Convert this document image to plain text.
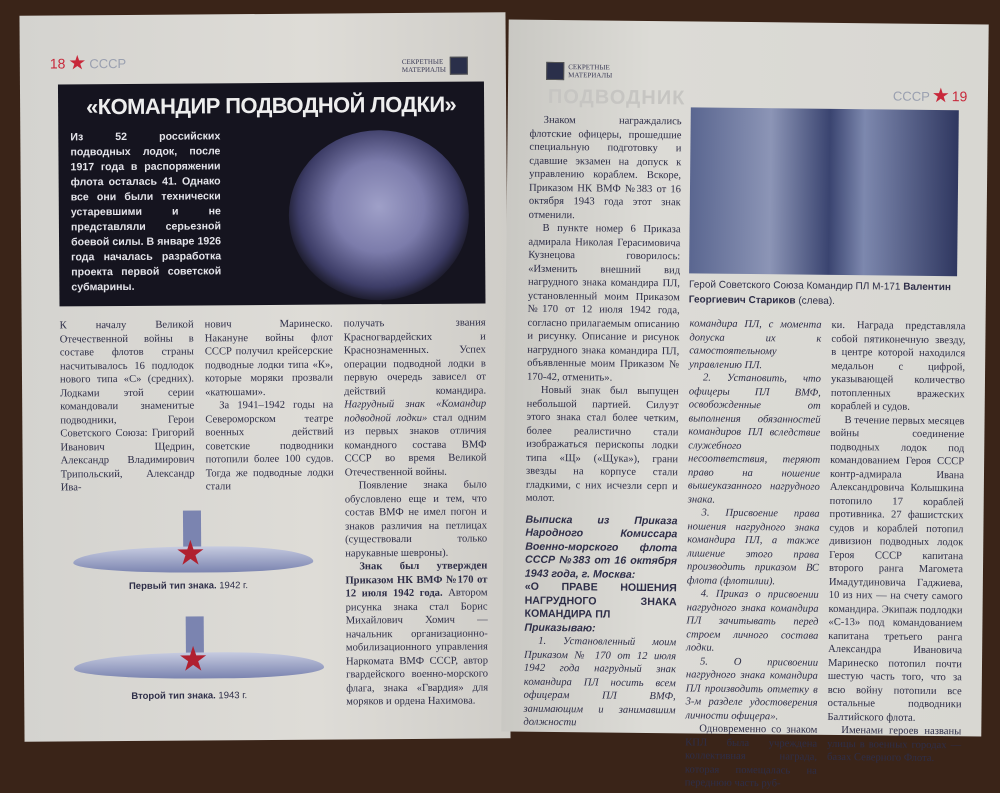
18 ★ СССР	СЕКРЕТНЫЕ
МАТЕРИАЛЫ
«КОМАНДИР ПОДВОДНОЙ ЛОДКИ»
Из 52 российских подводных лодок, после 1917 года в распоряжении флота осталась 41. Однако все они были технически устаревшими и не представляли серьезной боевой силы. В январе 1926 года началась разработка проекта первой советской субмарины.

К началу Великой Отечественной войны в составе флотов страны насчитывалось 16 подлодок нового типа «С» (средних). Лодками этой серии командовали знаменитые подводники, Герои Советского Союза: Григорий Иванович Щедрин, Александр Владимирович Трипольский, Александр Ива-

нович Маринеско. Накануне войны флот СССР получил крейсерские подводные лодки типа «К», которые моряки прозвали «катюшами».

За 1941–1942 годы на Североморском театре военных действий советские подводники потопили более 100 судов. Тогда же подводные лодки стали

получать звания Красногвардейских и Краснознаменных. Успех операции подводной лодки в первую очередь зависел от действий командира. Нагрудный знак «Командир подводной лодки» стал одним из первых знаков отличия командного состава ВМФ СССР во время Великой Отечественной войны.

Появление знака было обусловлено еще и тем, что состав ВМФ не имел погон и знаков различия на петлицах (существовали только нарукавные шевроны).

Знак был утвержден Приказом НК ВМФ №170 от 12 июля 1942 года. Автором рисунка знака стал Борис Михайлович Хомич — начальник организационно-мобилизационного управления Наркомата ВМФ СССР, автор гвардейского военно-морского флага, знака «Гвардия» для моряков и ордена Нахимова.

★
Первый тип знака. 1942 г.
★
Второй тип знака. 1943 г.
СЕКРЕТНЫЕ
МАТЕРИАЛЫ
ПОДВОДНИК	СССР ★ 19
Герой Советского Союза Командир ПЛ М-171 Валентин Георгиевич Стариков (слева).

Знаком награждались флотские офицеры, прошедшие специальную подготовку и сдавшие экзамен на допуск к управлению кораблем. Вскоре, Приказом НК ВМФ №383 от 16 октября 1943 года этот знак отменили.

В пункте номер 6 Приказа адмирала Николая Герасимовича Кузнецова говорилось: «Изменить внешний вид нагрудного знака командира ПЛ, установленный моим Приказом №170 от 12 июля 1942 года, согласно прилагаемым описанию и рисунку. Описание и рисунок нагрудного знака командира ПЛ, объявленные моим Приказом № 170-42, отменить».

Новый знак был выпущен небольшой партией. Силуэт этого знака стал более четким, более реалистично стали изображаться перископы лодки типа «Щ» («Щука»), грани звезды на корпусе стали гладкими, с них исчезли серп и молот.

Выписка из Приказа Народного Комиссара Военно-морского флота СССР №383 от 16 октября 1943 года, г. Москва:

«О ПРАВЕ НОШЕНИЯ НАГРУДНОГО ЗНАКА КОМАНДИРА ПЛ

Приказываю:

1. Установленный моим Приказом № 170 от 12 июля 1942 года нагрудный знак командира ПЛ носить всем офицерам ПЛ ВМФ, занимающим и занимавшим должности

командира ПЛ, с момента допуска их к самостоятельному управлению ПЛ.

2. Установить, что офицеры ПЛ ВМФ, освобожденные от выполнения обязанностей командиров ПЛ вследствие служебного несоответствия, теряют право на ношение вышеуказанного нагрудного знака.

3. Присвоение права ношения нагрудного знака командира ПЛ, а также лишение этого права производить приказом ВС флота (флотилии).

4. Приказ о присвоении нагрудного знака командира ПЛ зачитывать перед строем личного состава лодки.

5. О присвоении нагрудного знака командира ПЛ производить отметку в 3-м разделе удостоверения личности офицера».

Одновременно со знаком КПЛ была учреждена коллективная награда, которая помещалась на переднюю часть руб-

ки. Награда представляла собой пятиконечную звезду, в центре которой находился медальон с цифрой, указывающей количество потопленных вражеских кораблей и судов.

В течение первых месяцев войны соединение подводных лодок под командованием Героя СССР контр-адмирала Ивана Александровича Колышкина потопило 17 кораблей противника. 27 фашистских судов и кораблей потопил дивизион подводных лодок Героя СССР капитана второго ранга Магомета Имадутдиновича Гаджиева, 10 из них — на счету самого командира. Экипаж подлодки «С-13» под командованием капитана третьего ранга Александра Ивановича Маринеско потопил почти шестую часть того, что за всю войну потопили все остальные подводники Балтийского флота.

Именами героев названы улицы в военных городах — базах Северного Флота.
